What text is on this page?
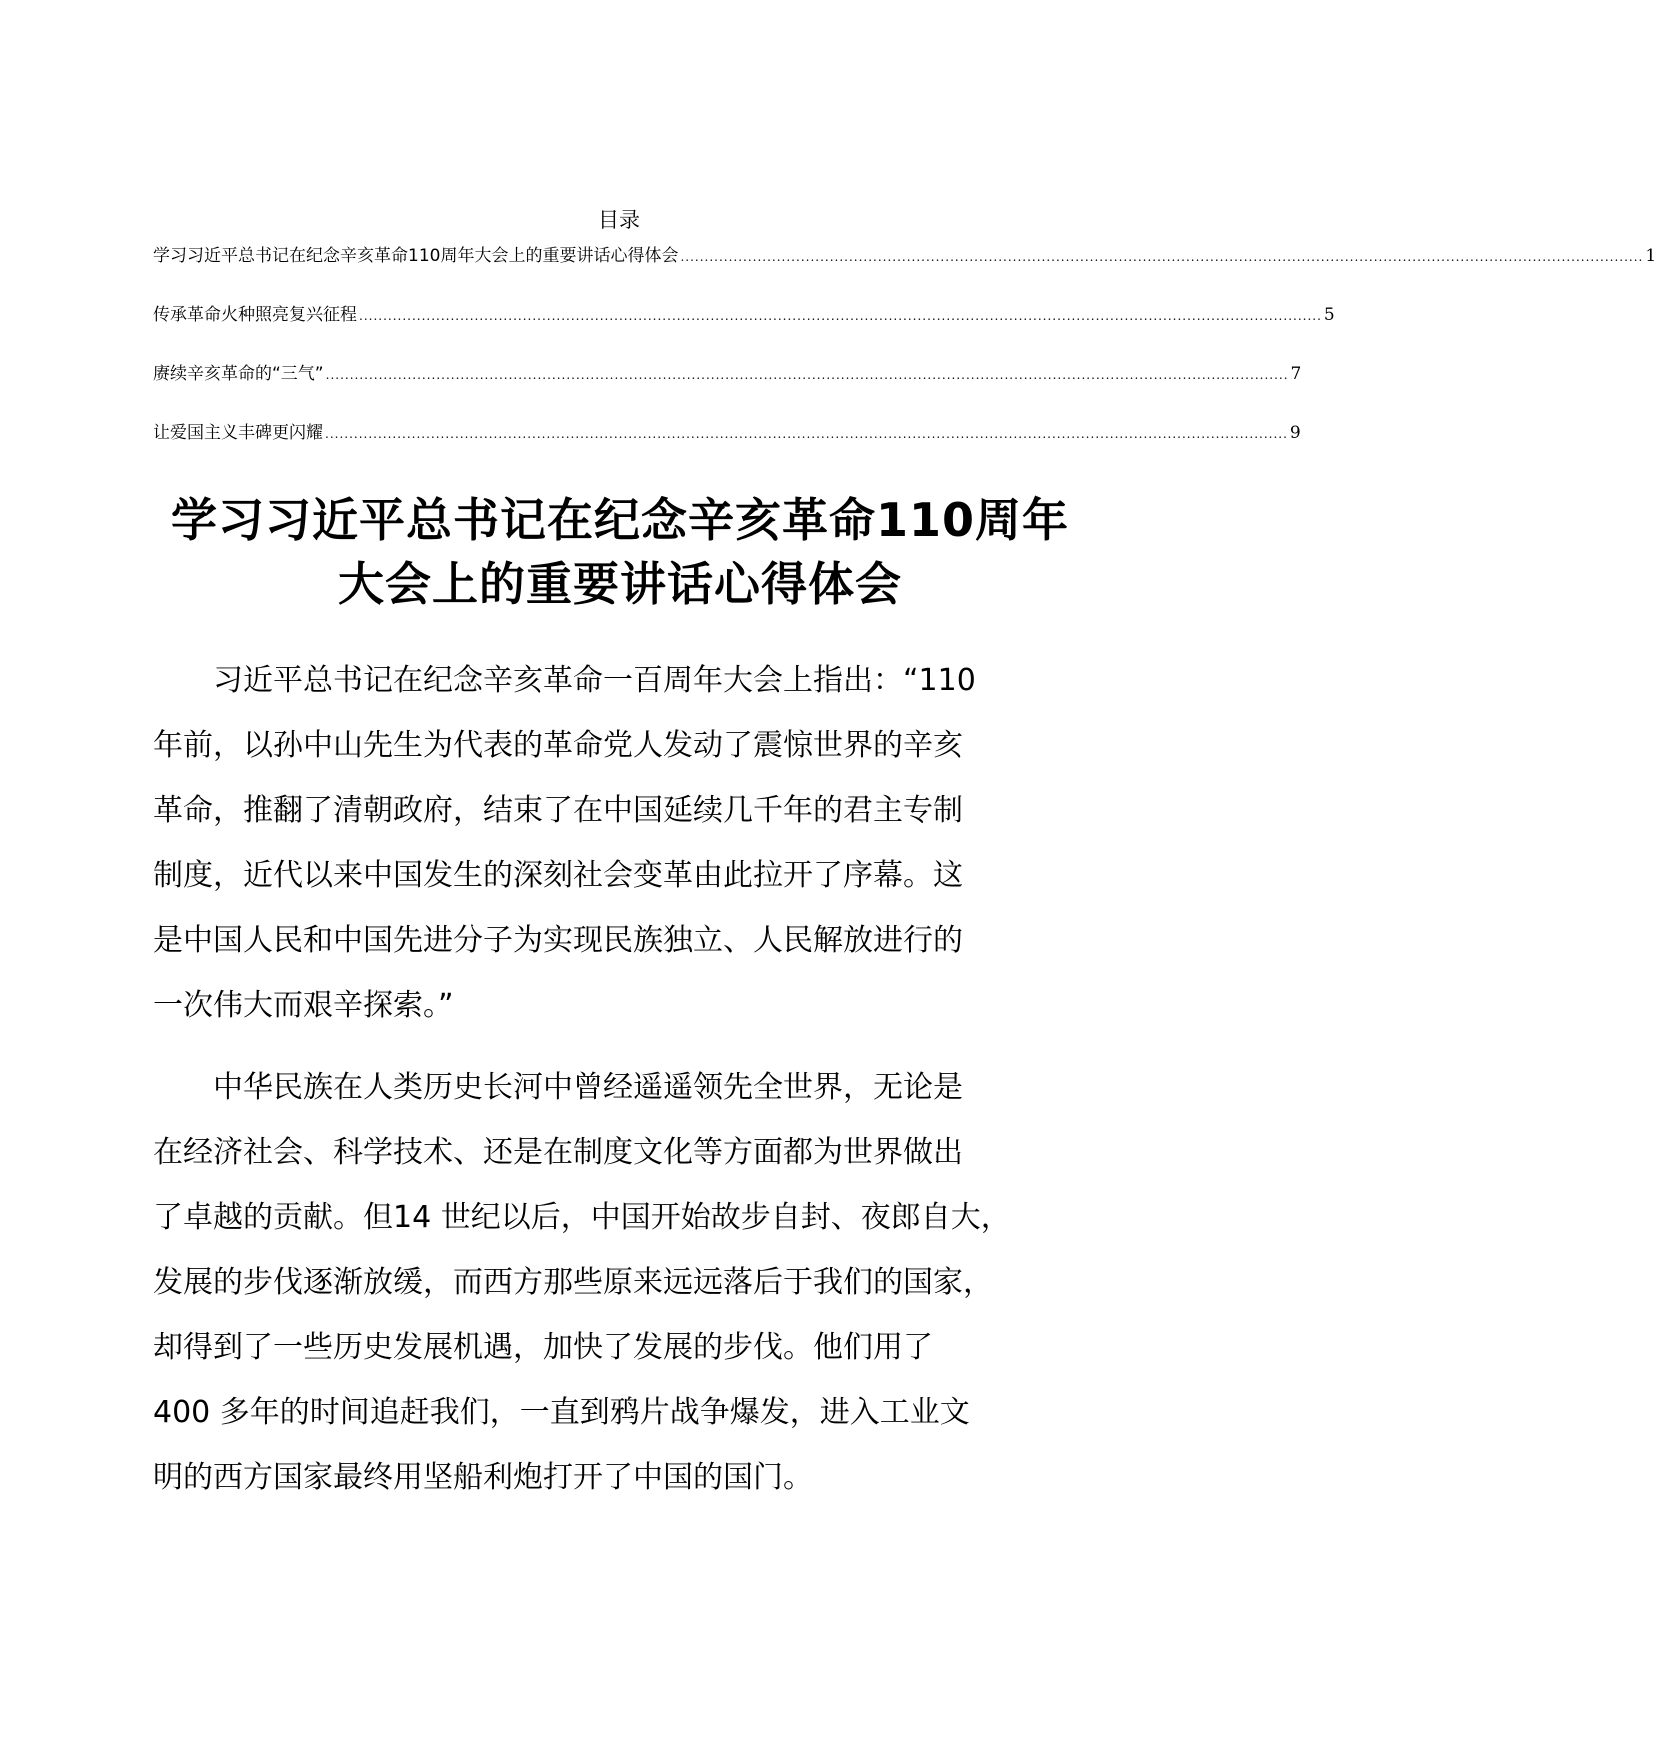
目录
学习习近平总书记在纪念辛亥革命110周年大会上的重要讲话心得体会 ........................................................................................................................................................................................................ 1
传承革命火种照亮复兴征程 ........................................................................................................................................................................................................ 5
赓续辛亥革命的“三气” ........................................................................................................................................................................................................ 7
让爱国主义丰碑更闪耀 ........................................................................................................................................................................................................ 9
学习习近平总书记在纪念辛亥革命110周年
大会上的重要讲话心得体会
　　习近平总书记在纪念辛亥革命一百周年大会上指出：“110
年前，以孙中山先生为代表的革命党人发动了震惊世界的辛亥
革命，推翻了清朝政府，结束了在中国延续几千年的君主专制
制度，近代以来中国发生的深刻社会变革由此拉开了序幕。这
是中国人民和中国先进分子为实现民族独立、人民解放进行的
一次伟大而艰辛探索。”
　　中华民族在人类历史长河中曾经遥遥领先全世界，无论是
在经济社会、科学技术、还是在制度文化等方面都为世界做出
了卓越的贡献。但14 世纪以后，中国开始故步自封、夜郎自大，
发展的步伐逐渐放缓，而西方那些原来远远落后于我们的国家，
却得到了一些历史发展机遇，加快了发展的步伐。他们用了
400 多年的时间追赶我们，一直到鸦片战争爆发，进入工业文
明的西方国家最终用坚船利炮打开了中国的国门。
